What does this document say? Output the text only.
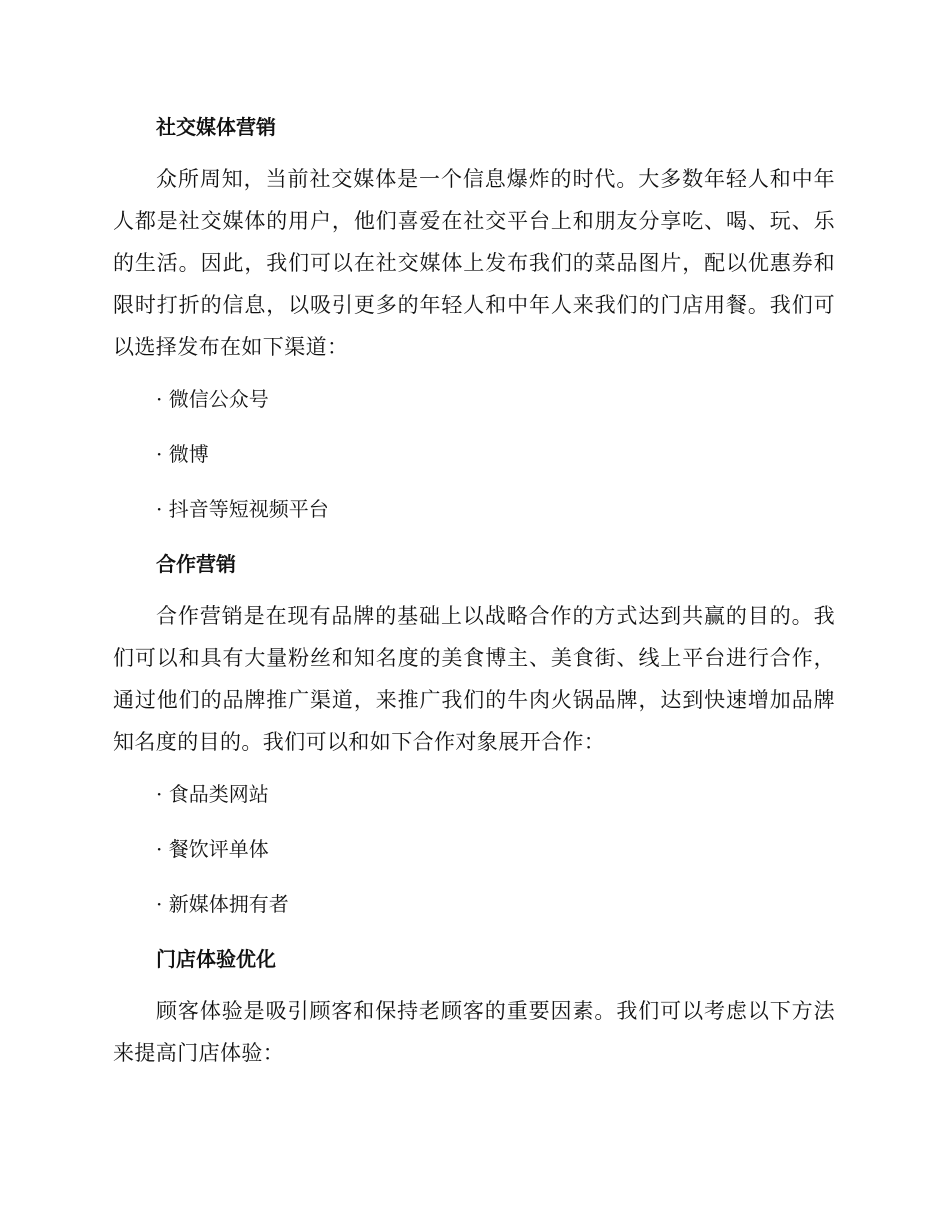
社交媒体营销

众所周知，当前社交媒体是一个信息爆炸的时代。大多数年轻人和中年人都是社交媒体的用户，他们喜爱在社交平台上和朋友分享吃、喝、玩、乐的生活。因此，我们可以在社交媒体上发布我们的菜品图片，配以优惠券和限时打折的信息，以吸引更多的年轻人和中年人来我们的门店用餐。我们可以选择发布在如下渠道：

· 微信公众号
· 微博
· 抖音等短视频平台
合作营销

合作营销是在现有品牌的基础上以战略合作的方式达到共赢的目的。我们可以和具有大量粉丝和知名度的美食博主、美食街、线上平台进行合作，通过他们的品牌推广渠道，来推广我们的牛肉火锅品牌，达到快速增加品牌知名度的目的。我们可以和如下合作对象展开合作：

· 食品类网站
· 餐饮评单体
· 新媒体拥有者
门店体验优化

顾客体验是吸引顾客和保持老顾客的重要因素。我们可以考虑以下方法来提高门店体验：
